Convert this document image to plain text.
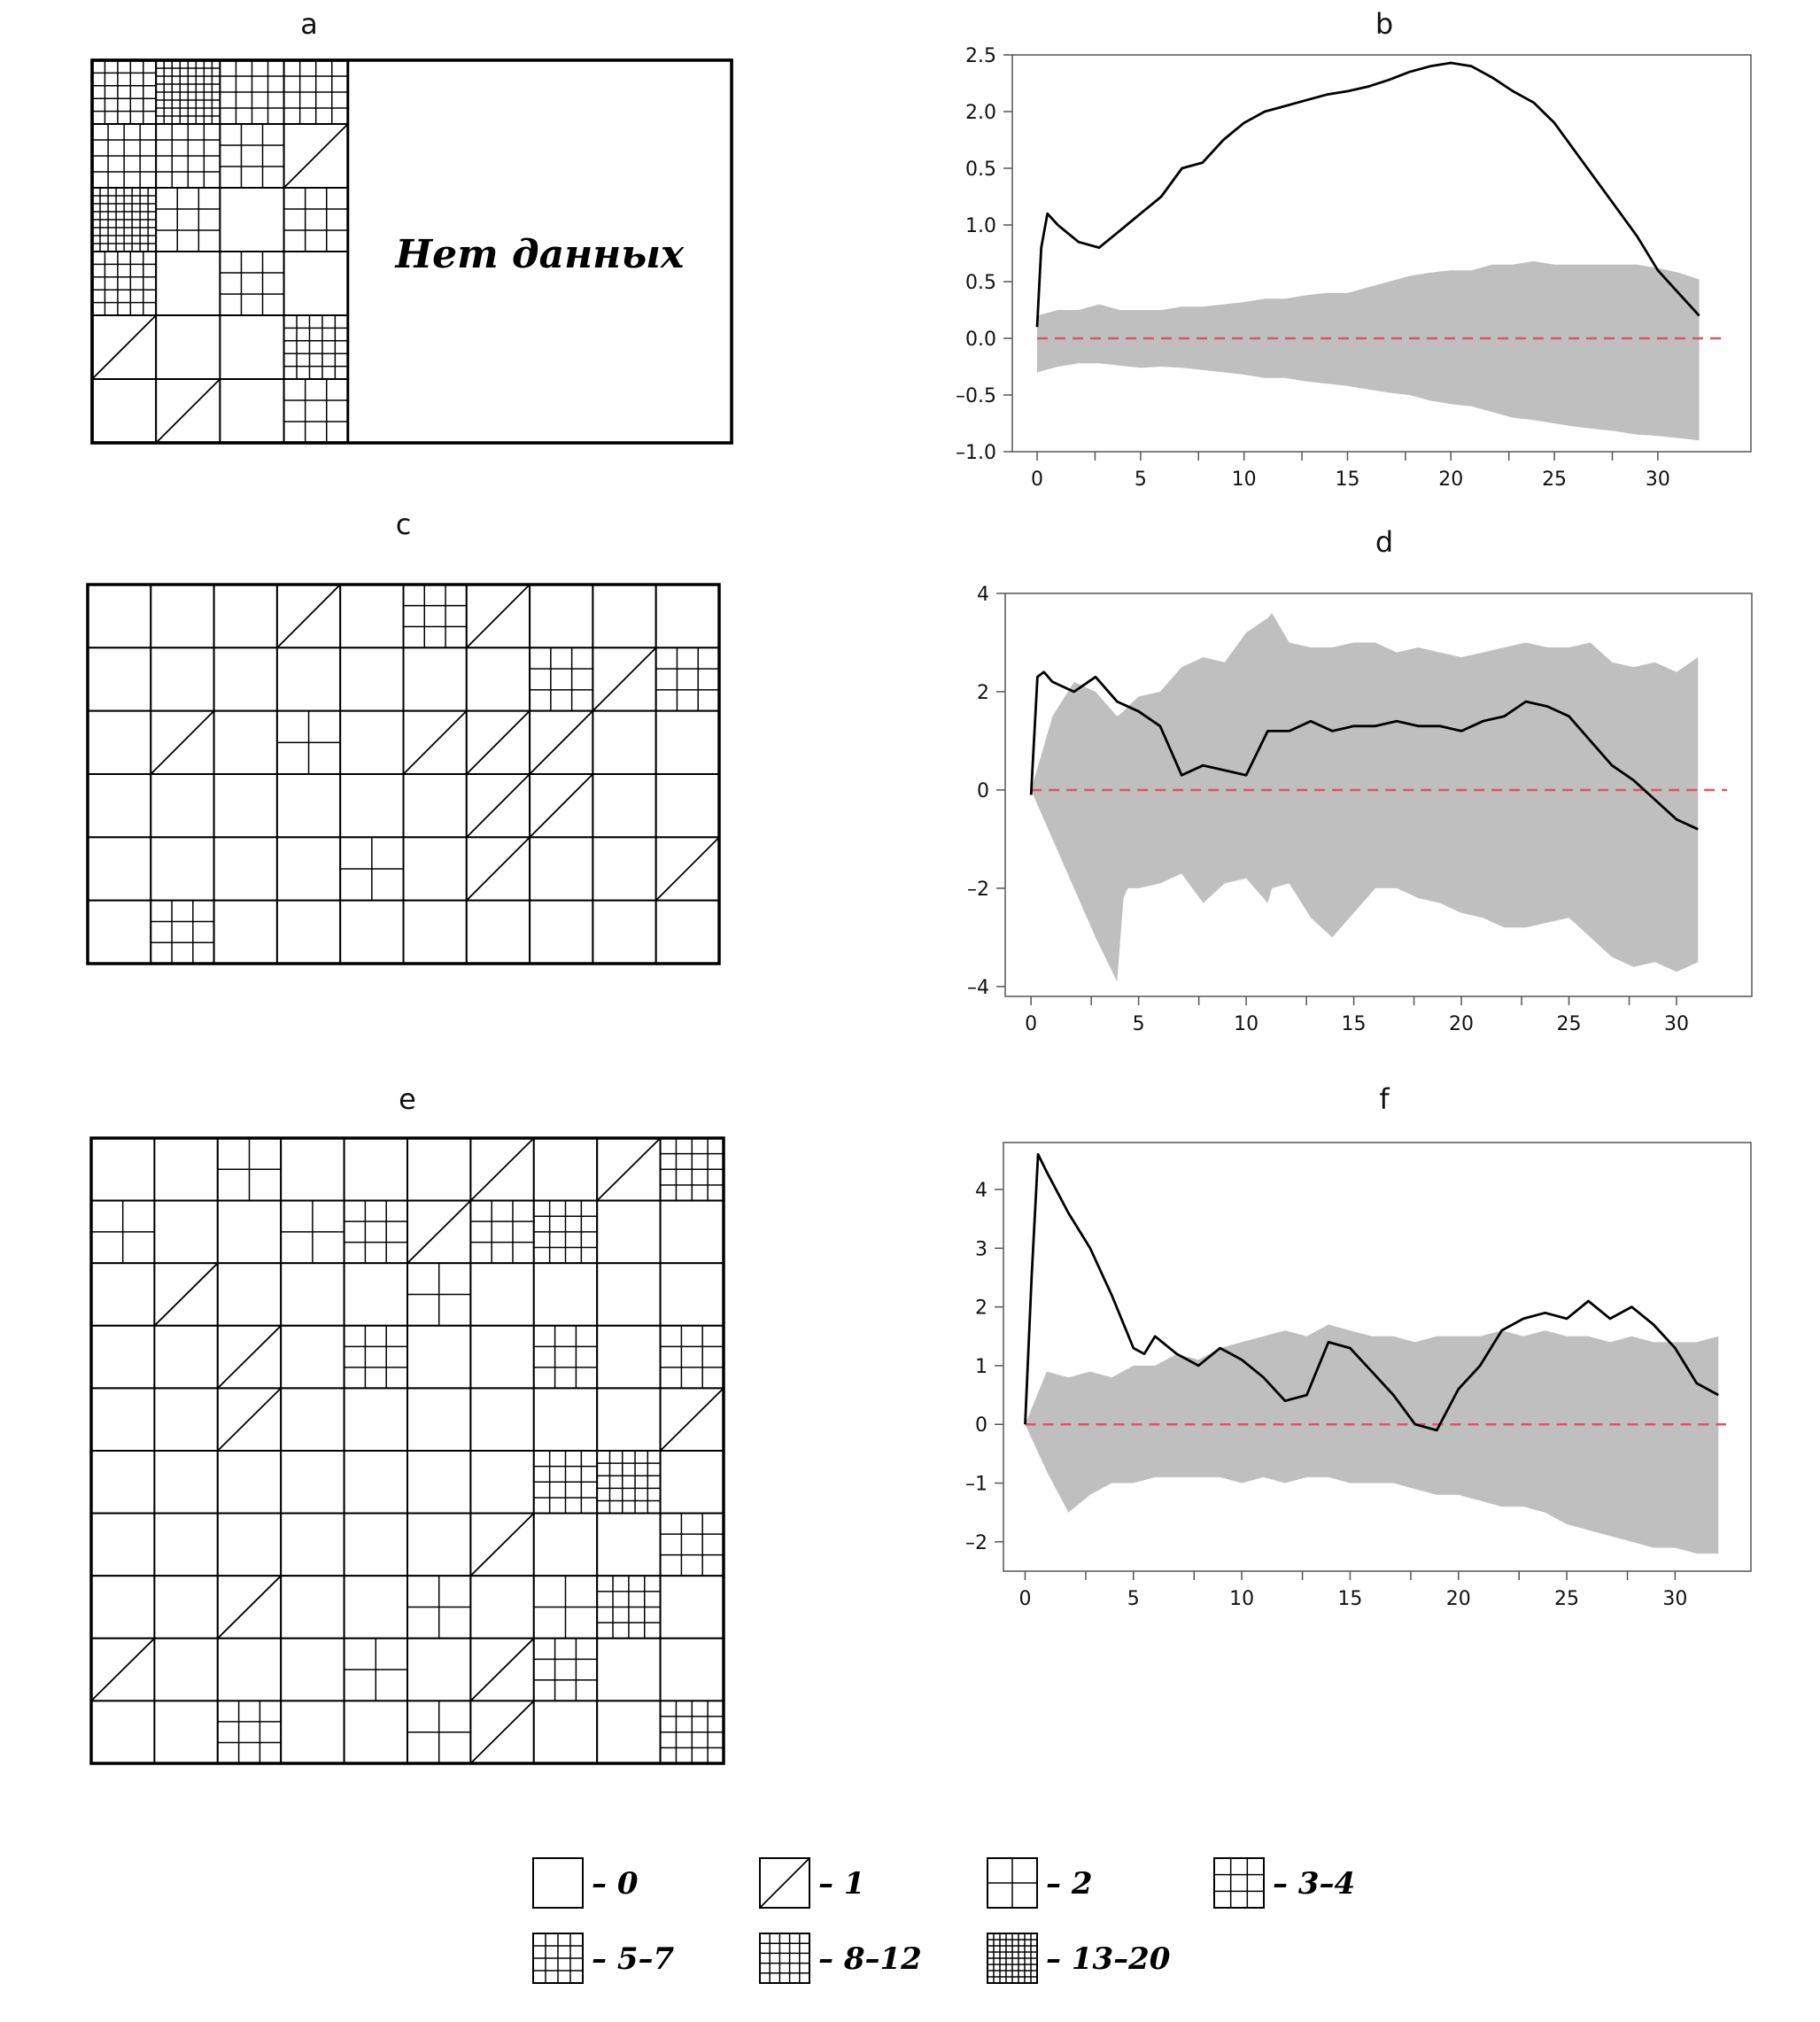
a
Нет данных
c
e
b
0	5	10	15	20	25	30
2.5
2.0
0.5
1.0
0.5
0.0
–0.5
–1.0
d
0	5	10	15	20	25	30
4
2
0
–2
–4
f
0	5	10	15	20	25	30
4
3
2
1
0
–1
–2
– 0	– 1	– 2	– 3–4
– 5–7	– 8–12	– 13–20
